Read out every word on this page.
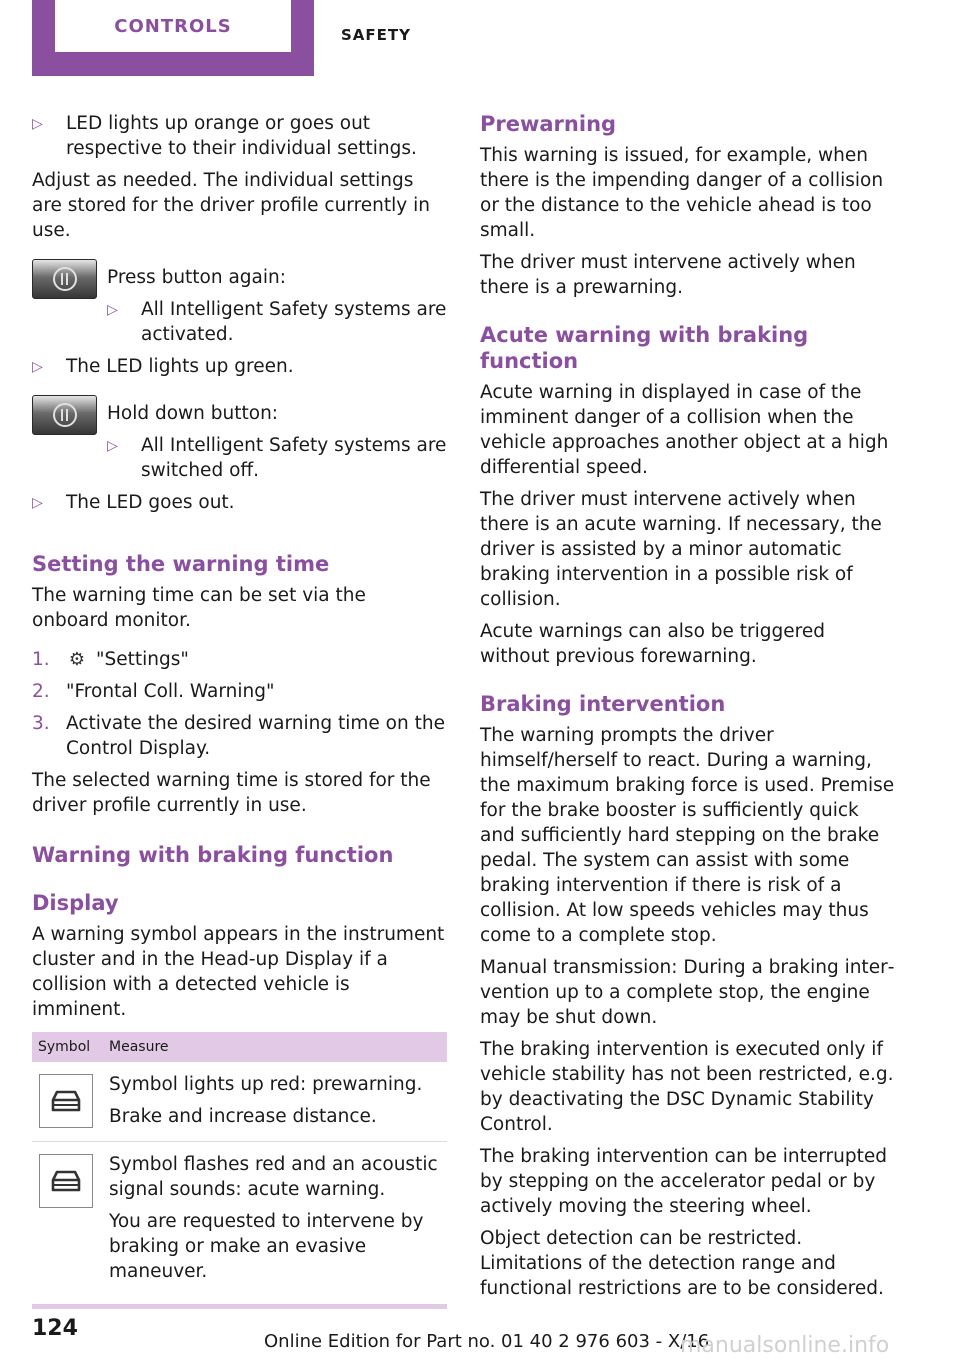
CONTROLS	SAFETY
▷ LED lights up orange or goes out respective to their individual settings.

Adjust as needed. The individual settings are stored for the driver profile currently in use.

Press button again:
▷ All Intelligent Safety systems are activated.
▷ The LED lights up green.
Hold down button:
▷ All Intelligent Safety systems are switched off.
▷ The LED goes out.
Setting the warning time

The warning time can be set via the onboard monitor.

1. ⚙ "Settings"
2. "Frontal Coll. Warning"
3. Activate the desired warning time on the Control Display.

The selected warning time is stored for the driver profile currently in use.

Warning with braking function
Display

A warning symbol appears in the instrument cluster and in the Head-up Display if a collision with a detected vehicle is imminent.

Symbol	Measure

Symbol lights up red: prewarning.

Brake and increase distance.

Symbol flashes red and an acoustic signal sounds: acute warning.

You are requested to intervene by braking or make an evasive maneuver.

Prewarning

This warning is issued, for example, when there is the impending danger of a collision or the distance to the vehicle ahead is too small.

The driver must intervene actively when there is a prewarning.

Acute warning with braking function

Acute warning in displayed in case of the imminent danger of a collision when the vehicle approaches another object at a high differential speed.

The driver must intervene actively when there is an acute warning. If necessary, the driver is assisted by a minor automatic braking intervention in a possible risk of collision.

Acute warnings can also be triggered without previous forewarning.

Braking intervention

The warning prompts the driver himself/herself to react. During a warning, the maximum braking force is used. Premise for the brake booster is sufficiently quick and sufficiently hard stepping on the brake pedal. The system can assist with some braking intervention if there is risk of a collision. At low speeds vehicles may thus come to a complete stop.

Manual transmission: During a braking intervention up to a complete stop, the engine may be shut down.

The braking intervention is executed only if vehicle stability has not been restricted, e.g. by deactivating the DSC Dynamic Stability Control.

The braking intervention can be interrupted by stepping on the accelerator pedal or by actively moving the steering wheel.

Object detection can be restricted. Limitations of the detection range and functional restrictions are to be considered.

124
Online Edition for Part no. 01 40 2 976 603 - X/16
manualsonline.info
